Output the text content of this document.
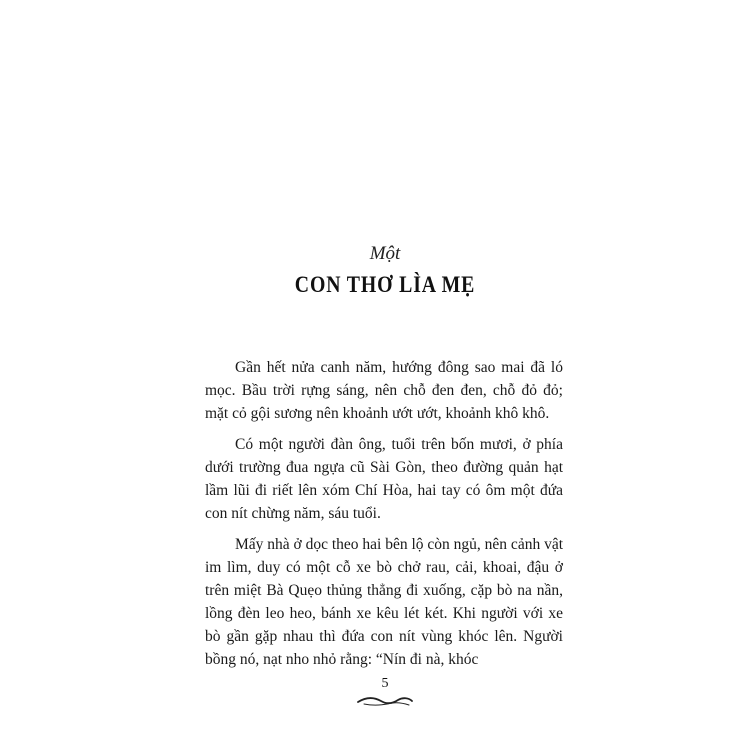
Một
CON THƠ LÌA MẸ

Gần hết nửa canh năm, hướng đông sao mai đã ló mọc. Bầu trời rựng sáng, nên chỗ đen đen, chỗ đỏ đỏ; mặt cỏ gội sương nên khoảnh ướt ướt, khoảnh khô khô.

Có một người đàn ông, tuổi trên bốn mươi, ở phía dưới trường đua ngựa cũ Sài Gòn, theo đường quản hạt lầm lũi đi riết lên xóm Chí Hòa, hai tay có ôm một đứa con nít chừng năm, sáu tuổi.

Mấy nhà ở dọc theo hai bên lộ còn ngủ, nên cảnh vật im lìm, duy có một cỗ xe bò chở rau, cải, khoai, đậu ở trên miệt Bà Quẹo thủng thẳng đi xuống, cặp bò na nần, lồng đèn leo heo, bánh xe kêu lét két. Khi người với xe bò gần gặp nhau thì đứa con nít vùng khóc lên. Người bồng nó, nạt nho nhỏ rằng: “Nín đi nà, khóc

5
